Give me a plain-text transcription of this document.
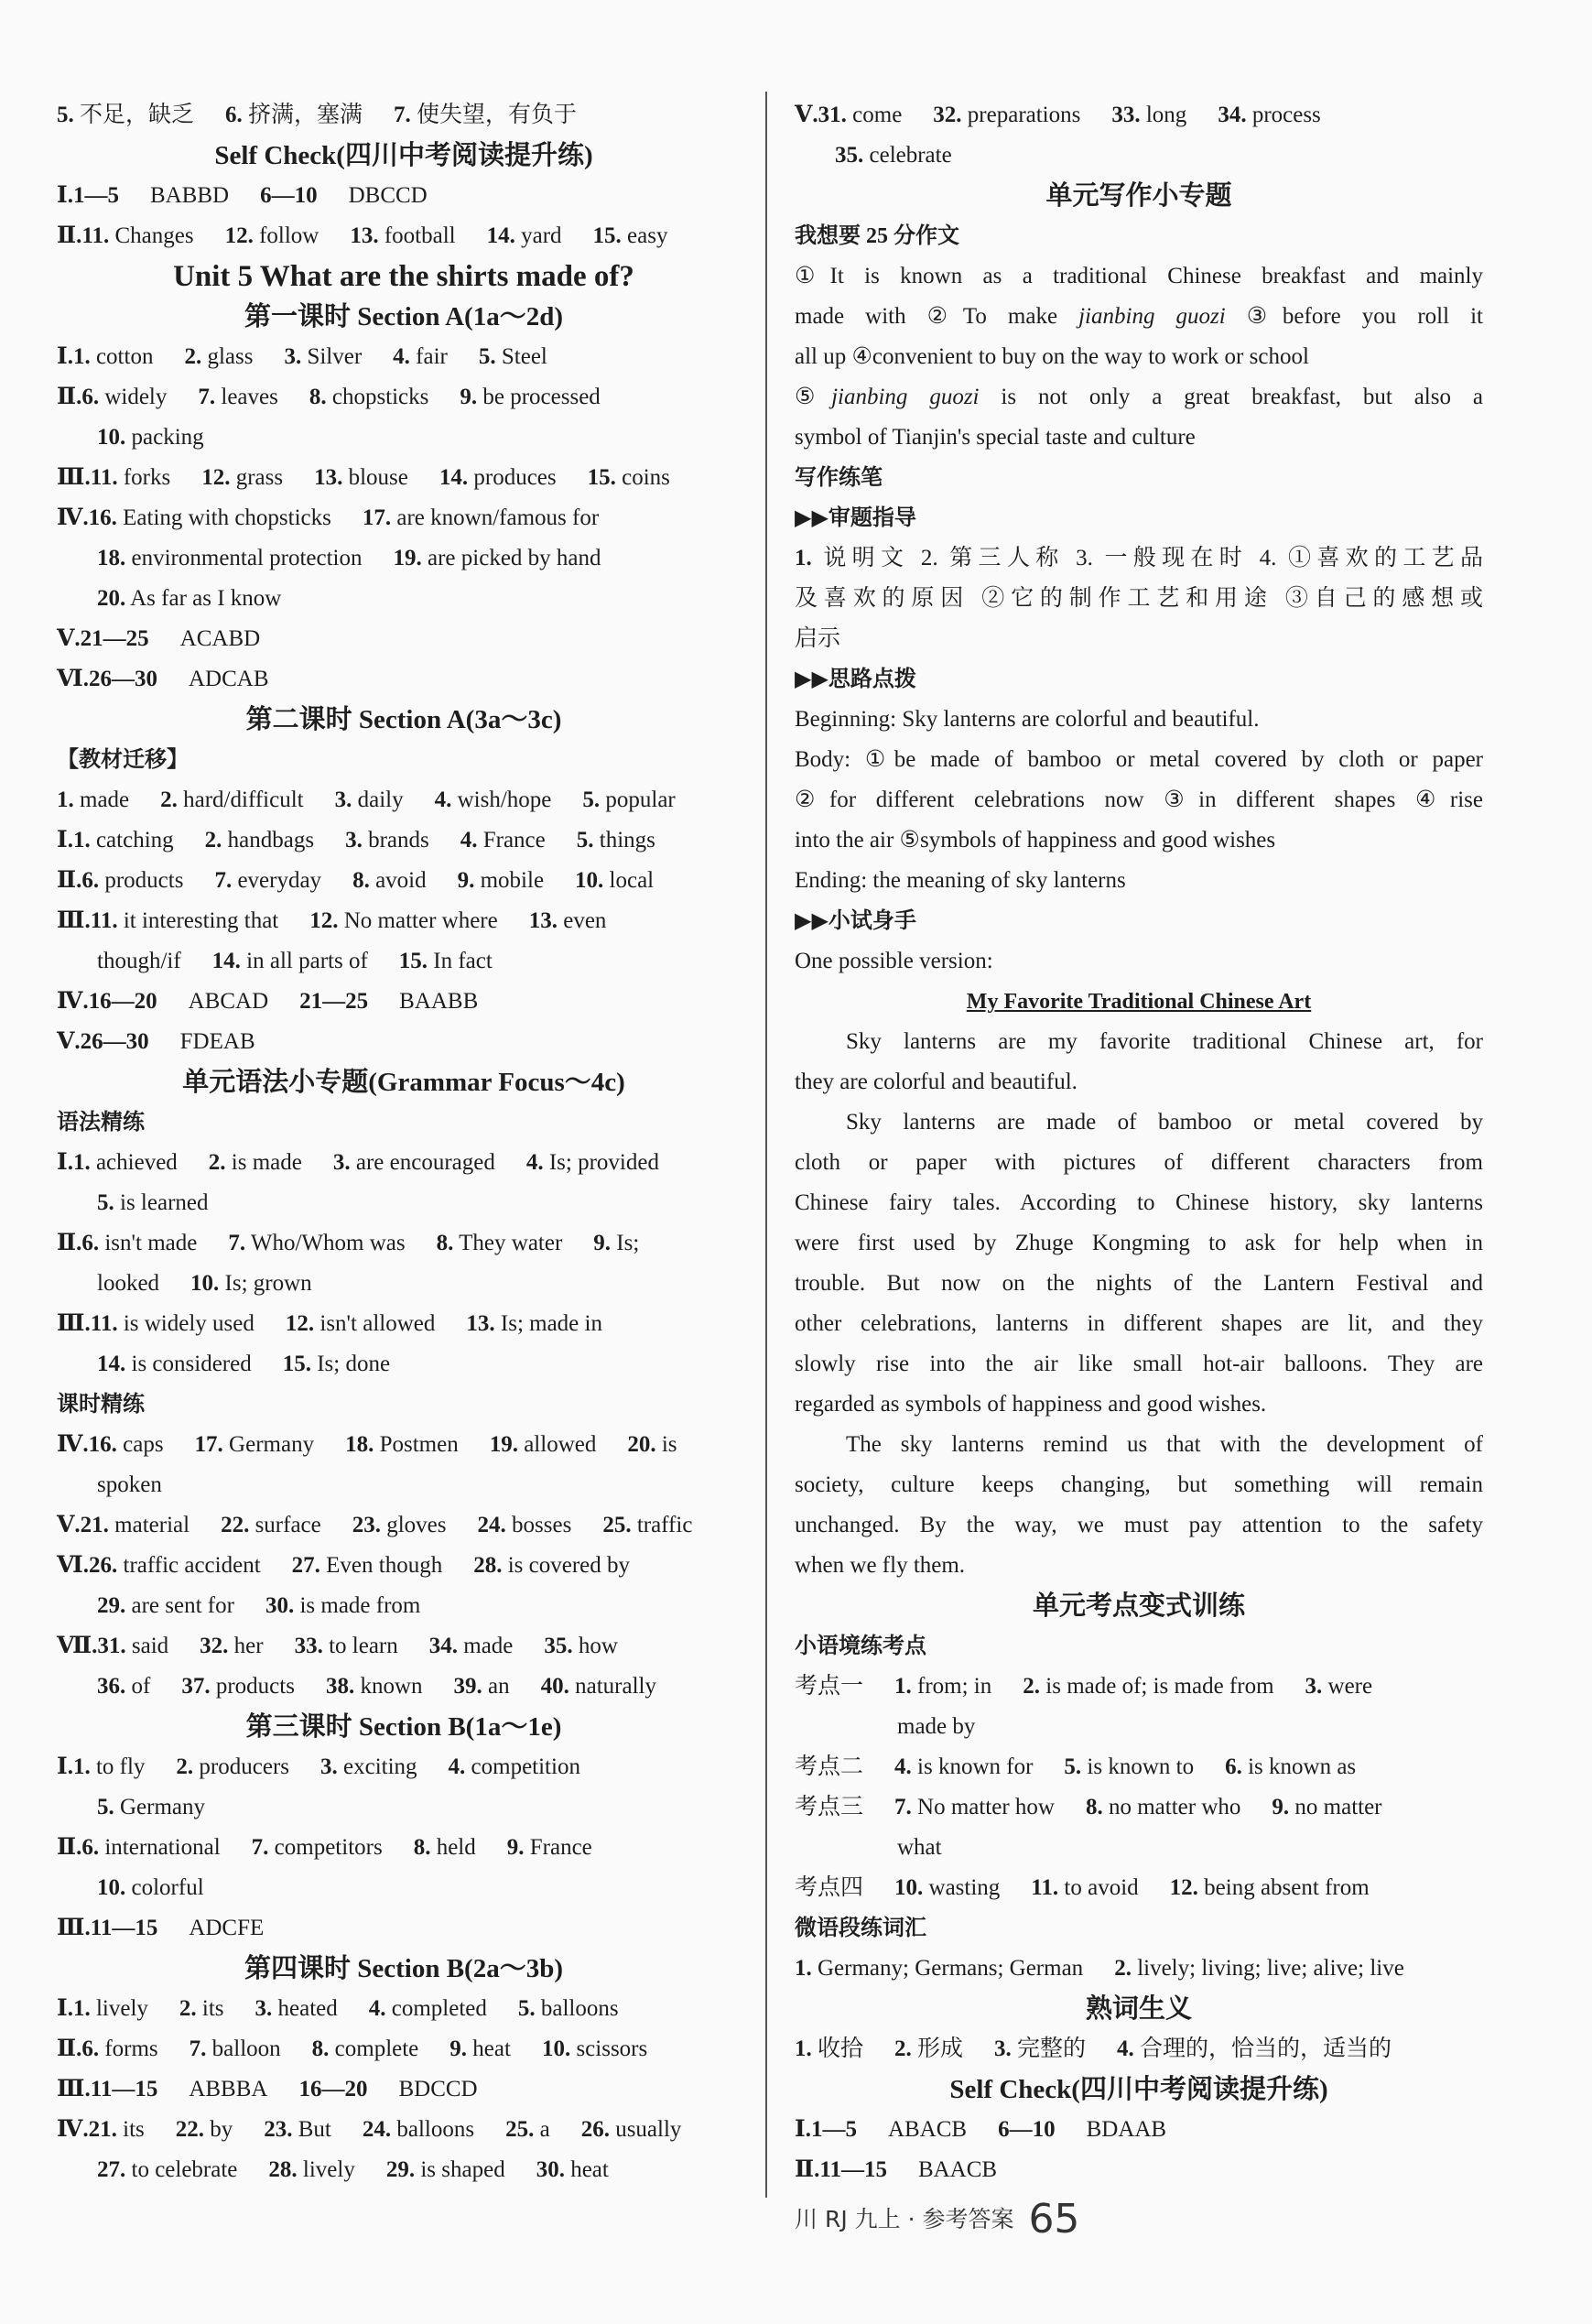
5. 不足，缺乏 6. 挤满，塞满 7. 使失望，有负于
Self Check(四川中考阅读提升练)
Ⅰ.1—5 BABBD 6—10 DBCCD
Ⅱ.11. Changes 12. follow 13. football 14. yard 15. easy
Unit 5 What are the shirts made of?
第一课时 Section A(1a～2d)
Ⅰ.1. cotton 2. glass 3. Silver 4. fair 5. Steel
Ⅱ.6. widely 7. leaves 8. chopsticks 9. be processed
10. packing
Ⅲ.11. forks 12. grass 13. blouse 14. produces 15. coins
Ⅳ.16. Eating with chopsticks 17. are known/famous for
18. environmental protection 19. are picked by hand
20. As far as I know
Ⅴ.21—25 ACABD
Ⅵ.26—30 ADCAB
第二课时 Section A(3a～3c)
【教材迁移】
1. made 2. hard/difficult 3. daily 4. wish/hope 5. popular
Ⅰ.1. catching 2. handbags 3. brands 4. France 5. things
Ⅱ.6. products 7. everyday 8. avoid 9. mobile 10. local
Ⅲ.11. it interesting that 12. No matter where 13. even
though/if 14. in all parts of 15. In fact
Ⅳ.16—20 ABCAD 21—25 BAABB
Ⅴ.26—30 FDEAB
单元语法小专题(Grammar Focus～4c)
语法精练
Ⅰ.1. achieved 2. is made 3. are encouraged 4. Is; provided
5. is learned
Ⅱ.6. isn't made 7. Who/Whom was 8. They water 9. Is;
looked 10. Is; grown
Ⅲ.11. is widely used 12. isn't allowed 13. Is; made in
14. is considered 15. Is; done
课时精练
Ⅳ.16. caps 17. Germany 18. Postmen 19. allowed 20. is
spoken
Ⅴ.21. material 22. surface 23. gloves 24. bosses 25. traffic
Ⅵ.26. traffic accident 27. Even though 28. is covered by
29. are sent for 30. is made from
Ⅶ.31. said 32. her 33. to learn 34. made 35. how
36. of 37. products 38. known 39. an 40. naturally
第三课时 Section B(1a～1e)
Ⅰ.1. to fly 2. producers 3. exciting 4. competition
5. Germany
Ⅱ.6. international 7. competitors 8. held 9. France
10. colorful
Ⅲ.11—15 ADCFE
第四课时 Section B(2a～3b)
Ⅰ.1. lively 2. its 3. heated 4. completed 5. balloons
Ⅱ.6. forms 7. balloon 8. complete 9. heat 10. scissors
Ⅲ.11—15 ABBBA 16—20 BDCCD
Ⅳ.21. its 22. by 23. But 24. balloons 25. a 26. usually
27. to celebrate 28. lively 29. is shaped 30. heat
Ⅴ.31. come 32. preparations 33. long 34. process
35. celebrate
单元写作小专题
我想要 25 分作文
①It is known as a traditional Chinese breakfast and mainly
made with ②To make jianbing guozi ③before you roll it
all up ④convenient to buy on the way to work or school
⑤jianbing guozi is not only a great breakfast, but also a
symbol of Tianjin's special taste and culture
写作练笔
▶▶审题指导
1. 说明文 2. 第三人称 3. 一般现在时 4. ①喜欢的工艺品
及喜欢的原因 ②它的制作工艺和用途 ③自己的感想或
启示
▶▶思路点拨
Beginning: Sky lanterns are colorful and beautiful.
Body: ①be made of bamboo or metal covered by cloth or paper
②for different celebrations now ③in different shapes ④rise
into the air ⑤symbols of happiness and good wishes
Ending: the meaning of sky lanterns
▶▶小试身手
One possible version:
My Favorite Traditional Chinese Art
Sky lanterns are my favorite traditional Chinese art, for
they are colorful and beautiful.
Sky lanterns are made of bamboo or metal covered by
cloth or paper with pictures of different characters from
Chinese fairy tales. According to Chinese history, sky lanterns
were first used by Zhuge Kongming to ask for help when in
trouble. But now on the nights of the Lantern Festival and
other celebrations, lanterns in different shapes are lit, and they
slowly rise into the air like small hot-air balloons. They are
regarded as symbols of happiness and good wishes.
The sky lanterns remind us that with the development of
society, culture keeps changing, but something will remain
unchanged. By the way, we must pay attention to the safety
when we fly them.
单元考点变式训练
小语境练考点
考点一 1. from; in 2. is made of; is made from 3. were
made by
考点二 4. is known for 5. is known to 6. is known as
考点三 7. No matter how 8. no matter who 9. no matter
what
考点四 10. wasting 11. to avoid 12. being absent from
微语段练词汇
1. Germany; Germans; German 2. lively; living; live; alive; live
熟词生义
1. 收拾 2. 形成 3. 完整的 4. 合理的，恰当的，适当的
Self Check(四川中考阅读提升练)
Ⅰ.1—5 ABACB 6—10 BDAAB
Ⅱ.11—15 BAACB
川 RJ 九上 · 参考答案 65
